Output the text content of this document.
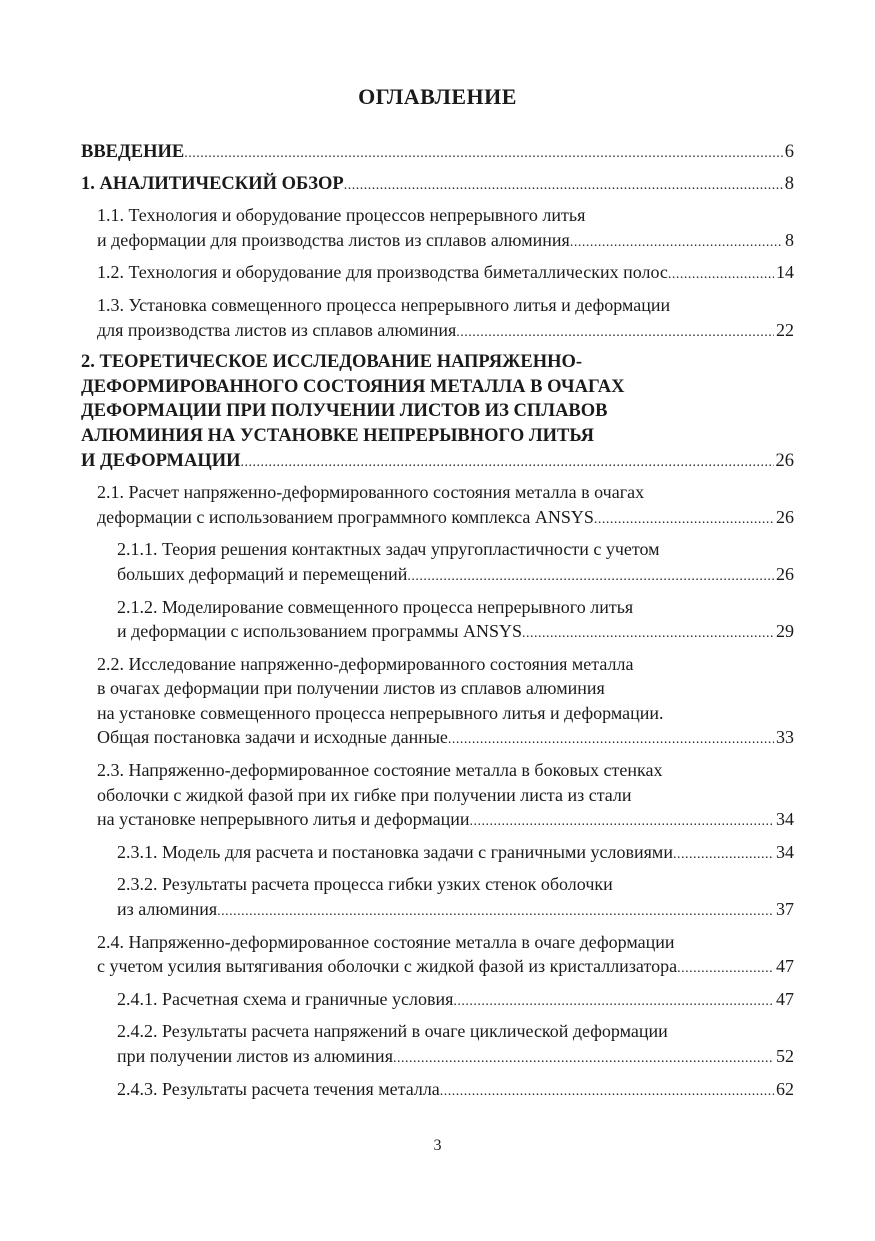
ОГЛАВЛЕНИЕ
ВВЕДЕНИЕ . . .	6
1. АНАЛИТИЧЕСКИЙ ОБЗОР . . .	8
1.1. Технология и оборудование процессов непрерывного литья
и деформации для производства листов из сплавов алюминия . . .	8
1.2. Технология и оборудование для производства биметаллических полос . . .	14
1.3. Установка совмещенного процесса непрерывного литья и деформации
для производства листов из сплавов алюминия . . .	22
2. ТЕОРЕТИЧЕСКОЕ ИССЛЕДОВАНИЕ НАПРЯЖЕННО-
ДЕФОРМИРОВАННОГО СОСТОЯНИЯ МЕТАЛЛА В ОЧАГАХ
ДЕФОРМАЦИИ ПРИ ПОЛУЧЕНИИ ЛИСТОВ ИЗ СПЛАВОВ
АЛЮМИНИЯ НА УСТАНОВКЕ НЕПРЕРЫВНОГО ЛИТЬЯ
И ДЕФОРМАЦИИ . . .	26
2.1. Расчет напряженно-деформированного состояния металла в очагах
деформации с использованием программного комплекса ANSYS . . .	26
2.1.1. Теория решения контактных задач упругопластичности с учетом
больших деформаций и перемещений . . .	26
2.1.2. Моделирование совмещенного процесса непрерывного литья
и деформации с использованием программы ANSYS . . .	29
2.2. Исследование напряженно-деформированного состояния металла
в очагах деформации при получении листов из сплавов алюминия
на установке совмещенного процесса непрерывного литья и деформации.
Общая постановка задачи и исходные данные . . .	33
2.3. Напряженно-деформированное состояние металла в боковых стенках
оболочки с жидкой фазой при их гибке при получении листа из стали
на установке непрерывного литья и деформации . . .	34
2.3.1. Модель для расчета и постановка задачи с граничными условиями . . .	34
2.3.2. Результаты расчета процесса гибки узких стенок оболочки
из алюминия . . .	37
2.4. Напряженно-деформированное состояние металла в очаге деформации
с учетом усилия вытягивания оболочки с жидкой фазой из кристаллизатора . . .	47
2.4.1. Расчетная схема и граничные условия . . .	47
2.4.2. Результаты расчета напряжений в очаге циклической деформации
при получении листов из алюминия . . .	52
2.4.3. Результаты расчета течения металла . . .	62
3
